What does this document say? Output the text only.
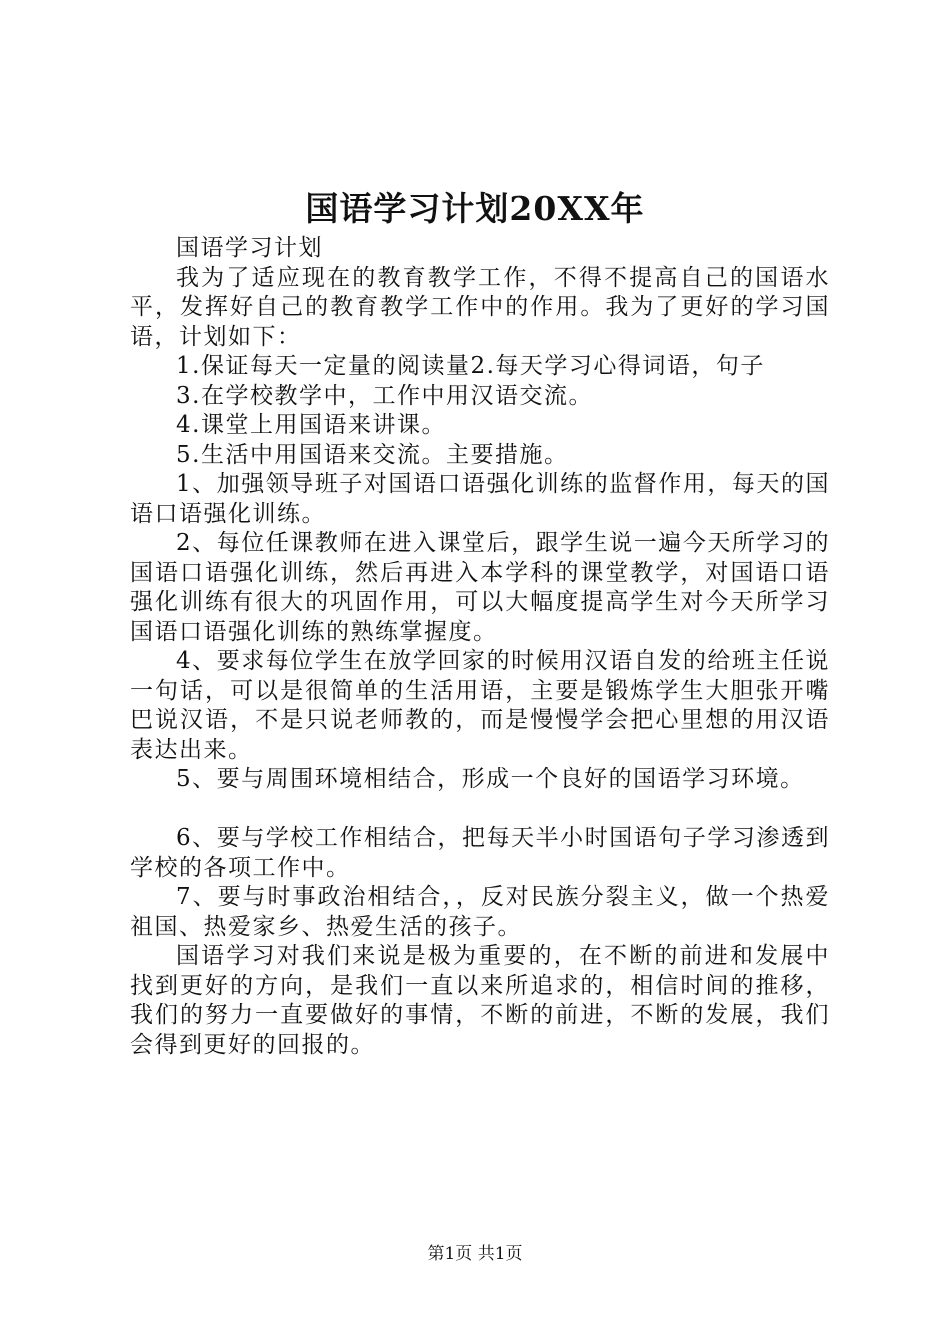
国语学习计划20XX年

国语学习计划

我为了适应现在的教育教学工作，不得不提高自己的国语水平，发挥好自己的教育教学工作中的作用。我为了更好的学习国语，计划如下：

1.保证每天一定量的阅读量2.每天学习心得词语，句子

3.在学校教学中，工作中用汉语交流。

4.课堂上用国语来讲课。

5.生活中用国语来交流。主要措施。

1、加强领导班子对国语口语强化训练的监督作用，每天的国语口语强化训练。

2、每位任课教师在进入课堂后，跟学生说一遍今天所学习的国语口语强化训练，然后再进入本学科的课堂教学，对国语口语强化训练有很大的巩固作用，可以大幅度提高学生对今天所学习国语口语强化训练的熟练掌握度。

4、要求每位学生在放学回家的时候用汉语自发的给班主任说一句话，可以是很简单的生活用语，主要是锻炼学生大胆张开嘴巴说汉语，不是只说老师教的，而是慢慢学会把心里想的用汉语表达出来。

5、要与周围环境相结合，形成一个良好的国语学习环境。

6、要与学校工作相结合，把每天半小时国语句子学习渗透到学校的各项工作中。

7、要与时事政治相结合，，反对民族分裂主义，做一个热爱祖国、热爱家乡、热爱生活的孩子。

国语学习对我们来说是极为重要的，在不断的前进和发展中找到更好的方向，是我们一直以来所追求的，相信时间的推移，我们的努力一直要做好的事情，不断的前进，不断的发展，我们会得到更好的回报的。

第1页 共1页
